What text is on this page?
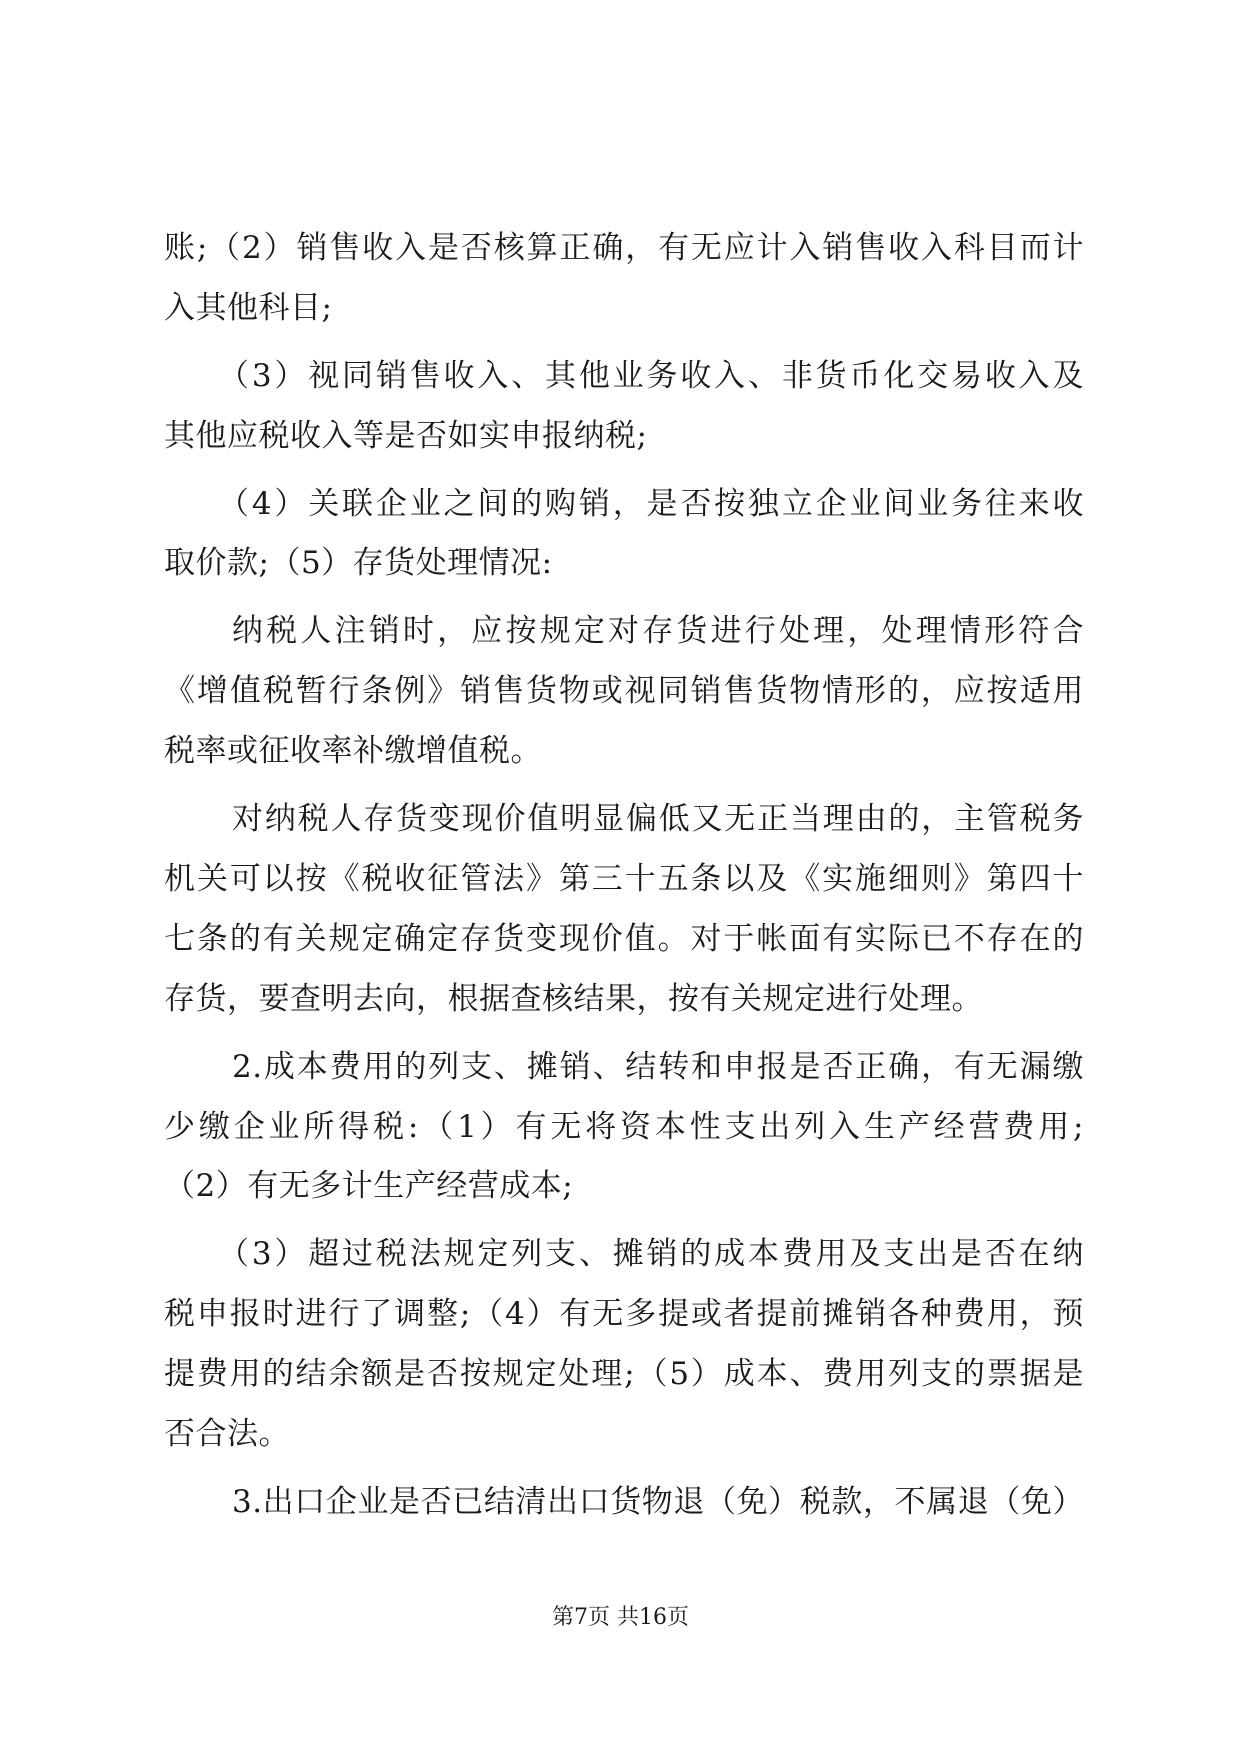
账;（2）销售收入是否核算正确，有无应计入销售收入科目而计
入其他科目;
（3）视同销售收入、其他业务收入、非货币化交易收入及
其他应税收入等是否如实申报纳税;
（4）关联企业之间的购销，是否按独立企业间业务往来收
取价款;（5）存货处理情况:
纳税人注销时，应按规定对存货进行处理，处理情形符合
《增值税暂行条例》销售货物或视同销售货物情形的，应按适用
税率或征收率补缴增值税。
对纳税人存货变现价值明显偏低又无正当理由的，主管税务
机关可以按《税收征管法》第三十五条以及《实施细则》第四十
七条的有关规定确定存货变现价值。对于帐面有实际已不存在的
存货，要查明去向，根据查核结果，按有关规定进行处理。
2.成本费用的列支、摊销、结转和申报是否正确，有无漏缴
少缴企业所得税:（1）有无将资本性支出列入生产经营费用;
（2）有无多计生产经营成本;
（3）超过税法规定列支、摊销的成本费用及支出是否在纳
税申报时进行了调整;（4）有无多提或者提前摊销各种费用，预
提费用的结余额是否按规定处理;（5）成本、费用列支的票据是
否合法。
3.出口企业是否已结清出口货物退（免）税款，不属退（免）
第7页 共16页
